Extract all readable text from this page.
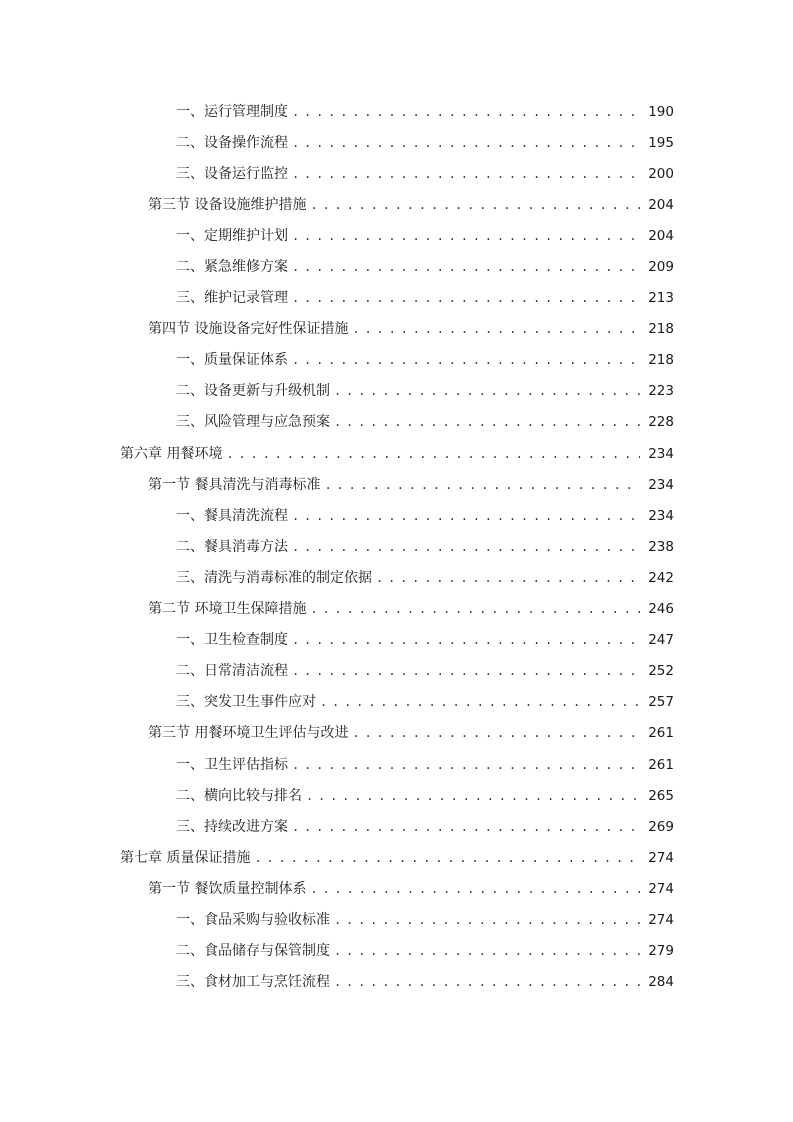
一、运行管理制度 . . .	190
二、设备操作流程 . . .	195
三、设备运行监控 . . .	200
第三节 设备设施维护措施 . . .	204
一、定期维护计划 . . .	204
二、紧急维修方案 . . .	209
三、维护记录管理 . . .	213
第四节 设施设备完好性保证措施 . . .	218
一、质量保证体系 . . .	218
二、设备更新与升级机制 . . .	223
三、风险管理与应急预案 . . .	228
第六章 用餐环境 . . .	234
第一节 餐具清洗与消毒标准 . . .	234
一、餐具清洗流程 . . .	234
二、餐具消毒方法 . . .	238
三、清洗与消毒标准的制定依据 . . .	242
第二节 环境卫生保障措施 . . .	246
一、卫生检查制度 . . .	247
二、日常清洁流程 . . .	252
三、突发卫生事件应对 . . .	257
第三节 用餐环境卫生评估与改进 . . .	261
一、卫生评估指标 . . .	261
二、横向比较与排名 . . .	265
三、持续改进方案 . . .	269
第七章 质量保证措施 . . .	274
第一节 餐饮质量控制体系 . . .	274
一、食品采购与验收标准 . . .	274
二、食品储存与保管制度 . . .	279
三、食材加工与烹饪流程 . . .	284
